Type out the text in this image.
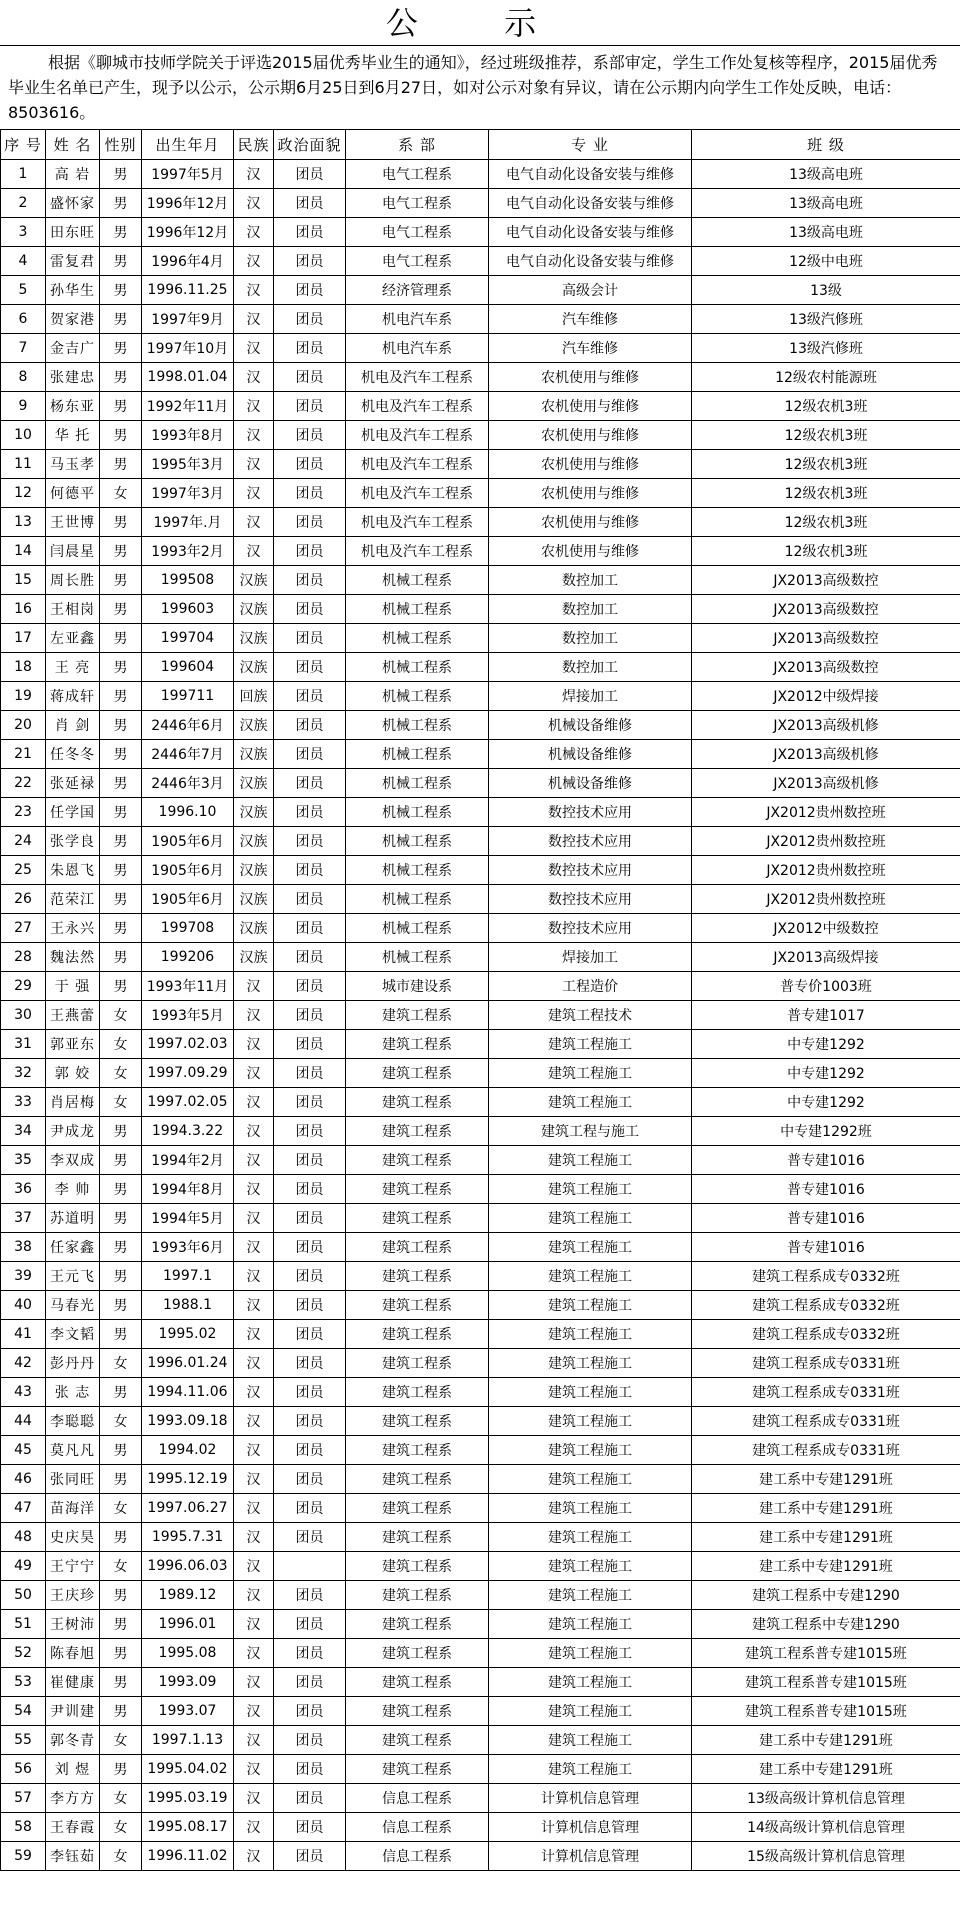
公 示
根据《聊城市技师学院关于评选2015届优秀毕业生的通知》，经过班级推荐，系部审定，学生工作处复核等程序，2015届优秀毕业生名单已产生，现予以公示，公示期6月25日到6月27日，如对公示对象有异议，请在公示期内向学生工作处反映，电话：8503616。
序 号	姓 名	性别	出生年月	民族	政治面貌	系 部	专 业	班 级
1	高 岩	男	1997年5月	汉	团员	电气工程系	电气自动化设备安装与维修	13级高电班
2	盛怀家	男	1996年12月	汉	团员	电气工程系	电气自动化设备安装与维修	13级高电班
3	田东旺	男	1996年12月	汉	团员	电气工程系	电气自动化设备安装与维修	13级高电班
4	雷复君	男	1996年4月	汉	团员	电气工程系	电气自动化设备安装与维修	12级中电班
5	孙华生	男	1996.11.25	汉	团员	经济管理系	高级会计	13级
6	贺家港	男	1997年9月	汉	团员	机电汽车系	汽车维修	13级汽修班
7	金吉广	男	1997年10月	汉	团员	机电汽车系	汽车维修	13级汽修班
8	张建忠	男	1998.01.04	汉	团员	机电及汽车工程系	农机使用与维修	12级农村能源班
9	杨东亚	男	1992年11月	汉	团员	机电及汽车工程系	农机使用与维修	12级农机3班
10	华 托	男	1993年8月	汉	团员	机电及汽车工程系	农机使用与维修	12级农机3班
11	马玉孝	男	1995年3月	汉	团员	机电及汽车工程系	农机使用与维修	12级农机3班
12	何德平	女	1997年3月	汉	团员	机电及汽车工程系	农机使用与维修	12级农机3班
13	王世博	男	1997年.月	汉	团员	机电及汽车工程系	农机使用与维修	12级农机3班
14	闫晨星	男	1993年2月	汉	团员	机电及汽车工程系	农机使用与维修	12级农机3班
15	周长胜	男	199508	汉族	团员	机械工程系	数控加工	JX2013高级数控
16	王相岗	男	199603	汉族	团员	机械工程系	数控加工	JX2013高级数控
17	左亚鑫	男	199704	汉族	团员	机械工程系	数控加工	JX2013高级数控
18	王 亮	男	199604	汉族	团员	机械工程系	数控加工	JX2013高级数控
19	蒋成轩	男	199711	回族	团员	机械工程系	焊接加工	JX2012中级焊接
20	肖 剑	男	2446年6月	汉族	团员	机械工程系	机械设备维修	JX2013高级机修
21	任冬冬	男	2446年7月	汉族	团员	机械工程系	机械设备维修	JX2013高级机修
22	张延禄	男	2446年3月	汉族	团员	机械工程系	机械设备维修	JX2013高级机修
23	任学国	男	1996.10	汉族	团员	机械工程系	数控技术应用	JX2012贵州数控班
24	张学良	男	1905年6月	汉族	团员	机械工程系	数控技术应用	JX2012贵州数控班
25	朱恩飞	男	1905年6月	汉族	团员	机械工程系	数控技术应用	JX2012贵州数控班
26	范荣江	男	1905年6月	汉族	团员	机械工程系	数控技术应用	JX2012贵州数控班
27	王永兴	男	199708	汉族	团员	机械工程系	数控技术应用	JX2012中级数控
28	魏法然	男	199206	汉族	团员	机械工程系	焊接加工	JX2013高级焊接
29	于 强	男	1993年11月	汉	团员	城市建设系	工程造价	普专价1003班
30	王燕蕾	女	1993年5月	汉	团员	建筑工程系	建筑工程技术	普专建1017
31	郭亚东	女	1997.02.03	汉	团员	建筑工程系	建筑工程施工	中专建1292
32	郭 姣	女	1997.09.29	汉	团员	建筑工程系	建筑工程施工	中专建1292
33	肖居梅	女	1997.02.05	汉	团员	建筑工程系	建筑工程施工	中专建1292
34	尹成龙	男	1994.3.22	汉	团员	建筑工程系	建筑工程与施工	中专建1292班
35	李双成	男	1994年2月	汉	团员	建筑工程系	建筑工程施工	普专建1016
36	李 帅	男	1994年8月	汉	团员	建筑工程系	建筑工程施工	普专建1016
37	苏道明	男	1994年5月	汉	团员	建筑工程系	建筑工程施工	普专建1016
38	任家鑫	男	1993年6月	汉	团员	建筑工程系	建筑工程施工	普专建1016
39	王元飞	男	1997.1	汉	团员	建筑工程系	建筑工程施工	建筑工程系成专0332班
40	马春光	男	1988.1	汉	团员	建筑工程系	建筑工程施工	建筑工程系成专0332班
41	李文韬	男	1995.02	汉	团员	建筑工程系	建筑工程施工	建筑工程系成专0332班
42	彭丹丹	女	1996.01.24	汉	团员	建筑工程系	建筑工程施工	建筑工程系成专0331班
43	张 志	男	1994.11.06	汉	团员	建筑工程系	建筑工程施工	建筑工程系成专0331班
44	李聪聪	女	1993.09.18	汉	团员	建筑工程系	建筑工程施工	建筑工程系成专0331班
45	莫凡凡	男	1994.02	汉	团员	建筑工程系	建筑工程施工	建筑工程系成专0331班
46	张同旺	男	1995.12.19	汉	团员	建筑工程系	建筑工程施工	建工系中专建1291班
47	苗海洋	女	1997.06.27	汉	团员	建筑工程系	建筑工程施工	建工系中专建1291班
48	史庆昊	男	1995.7.31	汉	团员	建筑工程系	建筑工程施工	建工系中专建1291班
49	王宁宁	女	1996.06.03	汉		建筑工程系	建筑工程施工	建工系中专建1291班
50	王庆珍	男	1989.12	汉	团员	建筑工程系	建筑工程施工	建筑工程系中专建1290
51	王树沛	男	1996.01	汉	团员	建筑工程系	建筑工程施工	建筑工程系中专建1290
52	陈春旭	男	1995.08	汉	团员	建筑工程系	建筑工程施工	建筑工程系普专建1015班
53	崔健康	男	1993.09	汉	团员	建筑工程系	建筑工程施工	建筑工程系普专建1015班
54	尹训建	男	1993.07	汉	团员	建筑工程系	建筑工程施工	建筑工程系普专建1015班
55	郭冬青	女	1997.1.13	汉	团员	建筑工程系	建筑工程施工	建工系中专建1291班
56	刘 煜	男	1995.04.02	汉	团员	建筑工程系	建筑工程施工	建工系中专建1291班
57	李方方	女	1995.03.19	汉	团员	信息工程系	计算机信息管理	13级高级计算机信息管理
58	王春霞	女	1995.08.17	汉	团员	信息工程系	计算机信息管理	14级高级计算机信息管理
59	李钰茹	女	1996.11.02	汉	团员	信息工程系	计算机信息管理	15级高级计算机信息管理
